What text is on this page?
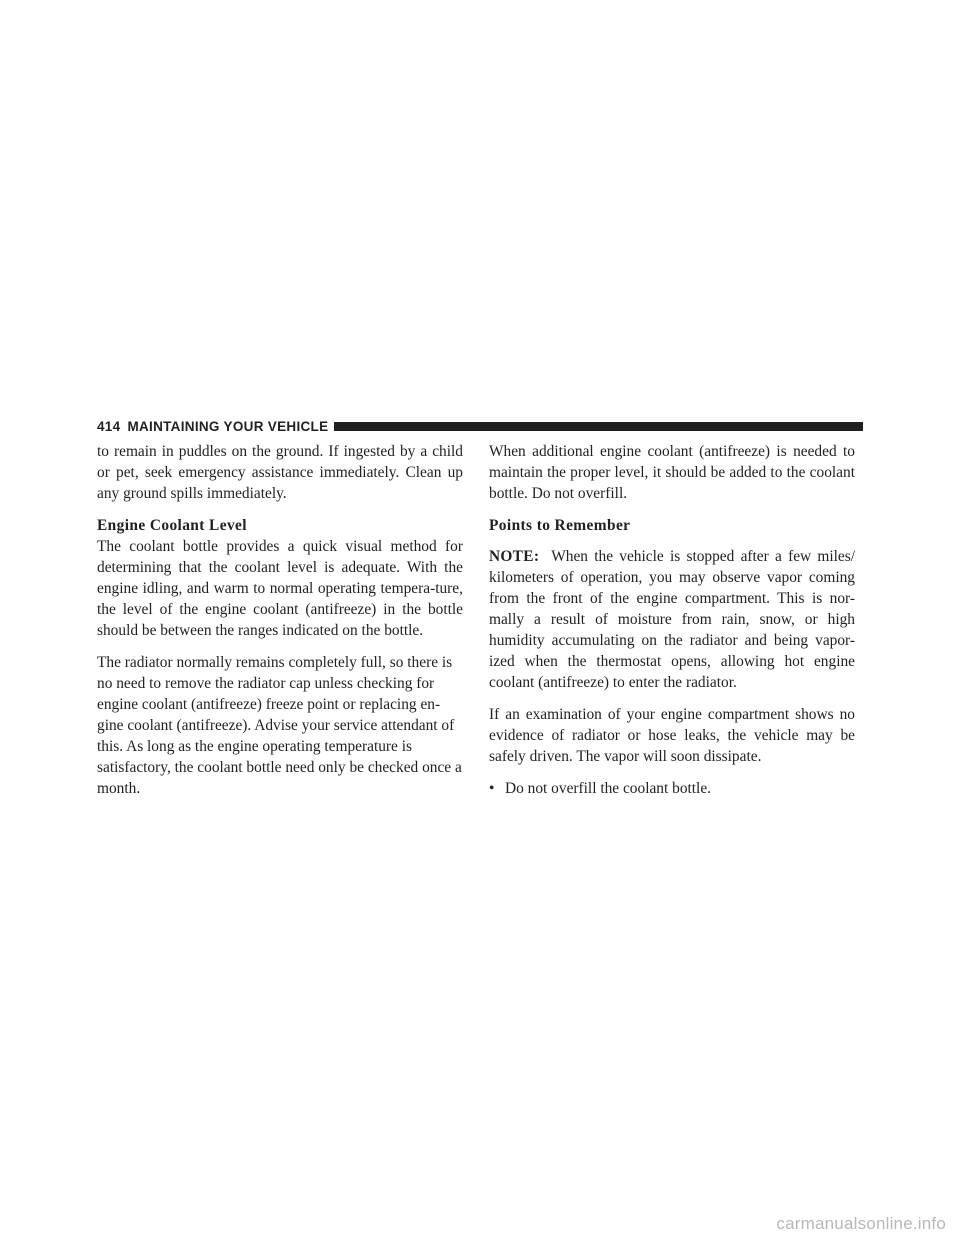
414 MAINTAINING YOUR VEHICLE

to remain in puddles on the ground. If ingested by a child or pet, seek emergency assistance immediately. Clean up any ground spills immediately.

Engine Coolant Level

The coolant bottle provides a quick visual method for determining that the coolant level is adequate. With the engine idling, and warm to normal operating tempera-ture, the level of the engine coolant (antifreeze) in the bottle should be between the ranges indicated on the bottle.

The radiator normally remains completely full, so there is no need to remove the radiator cap unless checking for engine coolant (antifreeze) freeze point or replacing en-gine coolant (antifreeze). Advise your service attendant of this. As long as the engine operating temperature is satisfactory, the coolant bottle need only be checked once a month.

When additional engine coolant (antifreeze) is needed to maintain the proper level, it should be added to the coolant bottle. Do not overfill.

Points to Remember

NOTE: When the vehicle is stopped after a few miles/ kilometers of operation, you may observe vapor coming from the front of the engine compartment. This is nor-mally a result of moisture from rain, snow, or high humidity accumulating on the radiator and being vapor-ized when the thermostat opens, allowing hot engine coolant (antifreeze) to enter the radiator.

If an examination of your engine compartment shows no evidence of radiator or hose leaks, the vehicle may be safely driven. The vapor will soon dissipate.

• Do not overfill the coolant bottle.
carmanualsonline.info
